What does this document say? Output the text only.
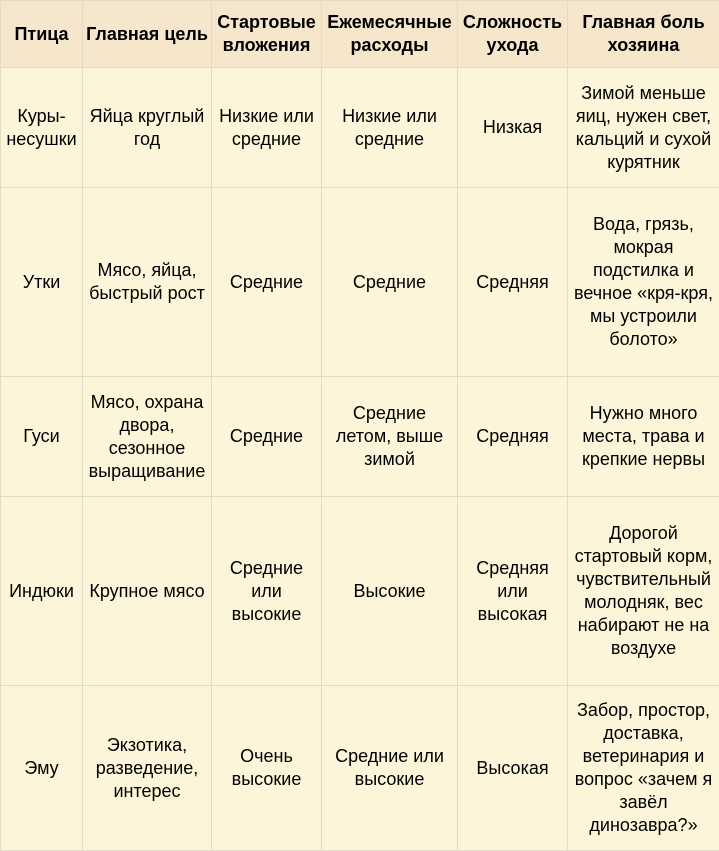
Птица	Главная цель	Стартовые вложения	Ежемесячные расходы	Сложность ухода	Главная боль хозяина
Куры-несушки	Яйца круглый год	Низкие или средние	Низкие или средние	Низкая	Зимой меньше яиц, нужен свет, кальций и сухой курятник
Утки	Мясо, яйца, быстрый рост	Средние	Средние	Средняя	Вода, грязь, мокрая подстилка и вечное «кря-кря, мы устроили болото»
Гуси	Мясо, охрана двора, сезонное выращивание	Средние	Средние летом, выше зимой	Средняя	Нужно много места, трава и крепкие нервы
Индюки	Крупное мясо	Средние или высокие	Высокие	Средняя или высокая	Дорогой стартовый корм, чувствительный молодняк, вес набирают не на воздухе
Эму	Экзотика, разведение, интерес	Очень высокие	Средние или высокие	Высокая	Забор, простор, доставка, ветеринария и вопрос «зачем я завёл динозавра?»
